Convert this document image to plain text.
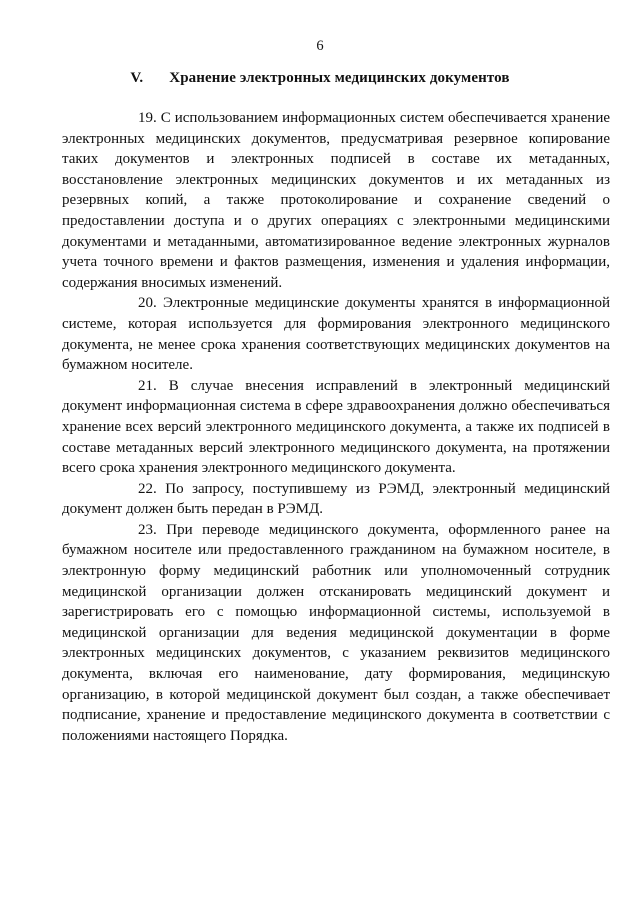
6
V. Хранение электронных медицинских документов

19. С использованием информационных систем обеспечивается хранение электронных медицинских документов, предусматривая резервное копирование таких документов и электронных подписей в составе их метаданных, восстановление электронных медицинских документов и их метаданных из резервных копий, а также протоколирование и сохранение сведений о предоставлении доступа и о других операциях с электронными медицинскими документами и метаданными, автоматизированное ведение электронных журналов учета точного времени и фактов размещения, изменения и удаления информации, содержания вносимых изменений.

20. Электронные медицинские документы хранятся в информационной системе, которая используется для формирования электронного медицинского документа, не менее срока хранения соответствующих медицинских документов на бумажном носителе.

21. В случае внесения исправлений в электронный медицинский документ информационная система в сфере здравоохранения должно обеспечиваться хранение всех версий электронного медицинского документа, а также их подписей в составе метаданных версий электронного медицинского документа, на протяжении всего срока хранения электронного медицинского документа.

22. По запросу, поступившему из РЭМД, электронный медицинский документ должен быть передан в РЭМД.

23. При переводе медицинского документа, оформленного ранее на бумажном носителе или предоставленного гражданином на бумажном носителе, в электронную форму медицинский работник или уполномоченный сотрудник медицинской организации должен отсканировать медицинский документ и зарегистрировать его с помощью информационной системы, используемой в медицинской организации для ведения медицинской документации в форме электронных медицинских документов, с указанием реквизитов медицинского документа, включая его наименование, дату формирования, медицинскую организацию, в которой медицинской документ был создан, а также обеспечивает подписание, хранение и предоставление медицинского документа в соответствии с положениями настоящего Порядка.
